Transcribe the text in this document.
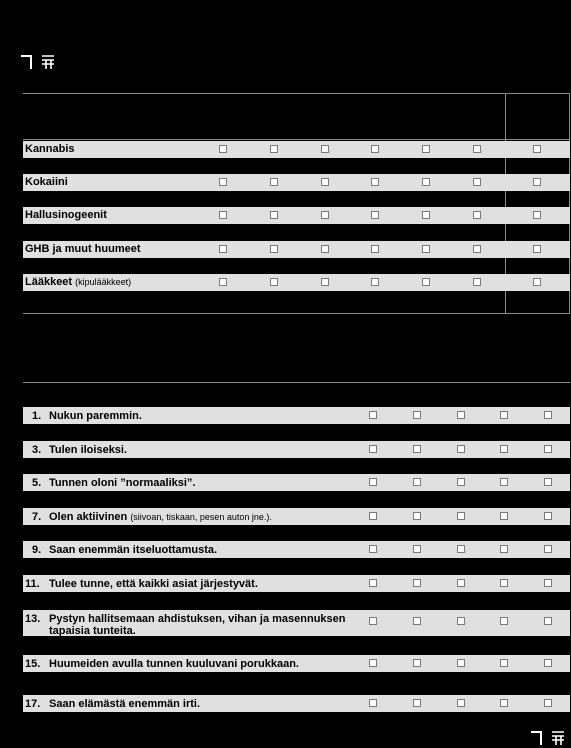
Kannabis
Kokaiini
Hallusinogeenit
GHB ja muut huumeet
Lääkkeet (kipulääkkeet)
1. Nukun paremmin.
3. Tulen iloiseksi.
5. Tunnen oloni ”normaaliksi”.
7. Olen aktiivinen (siivoan, tiskaan, pesen auton jne.).
9. Saan enemmän itseluottamusta.
11. Tulee tunne, että kaikki asiat järjestyvät.
13. Pystyn hallitsemaan ahdistuksen, vihan ja masennuksen tapaisia tunteita.
15. Huumeiden avulla tunnen kuuluvani porukkaan.
17. Saan elämästä enemmän irti.
